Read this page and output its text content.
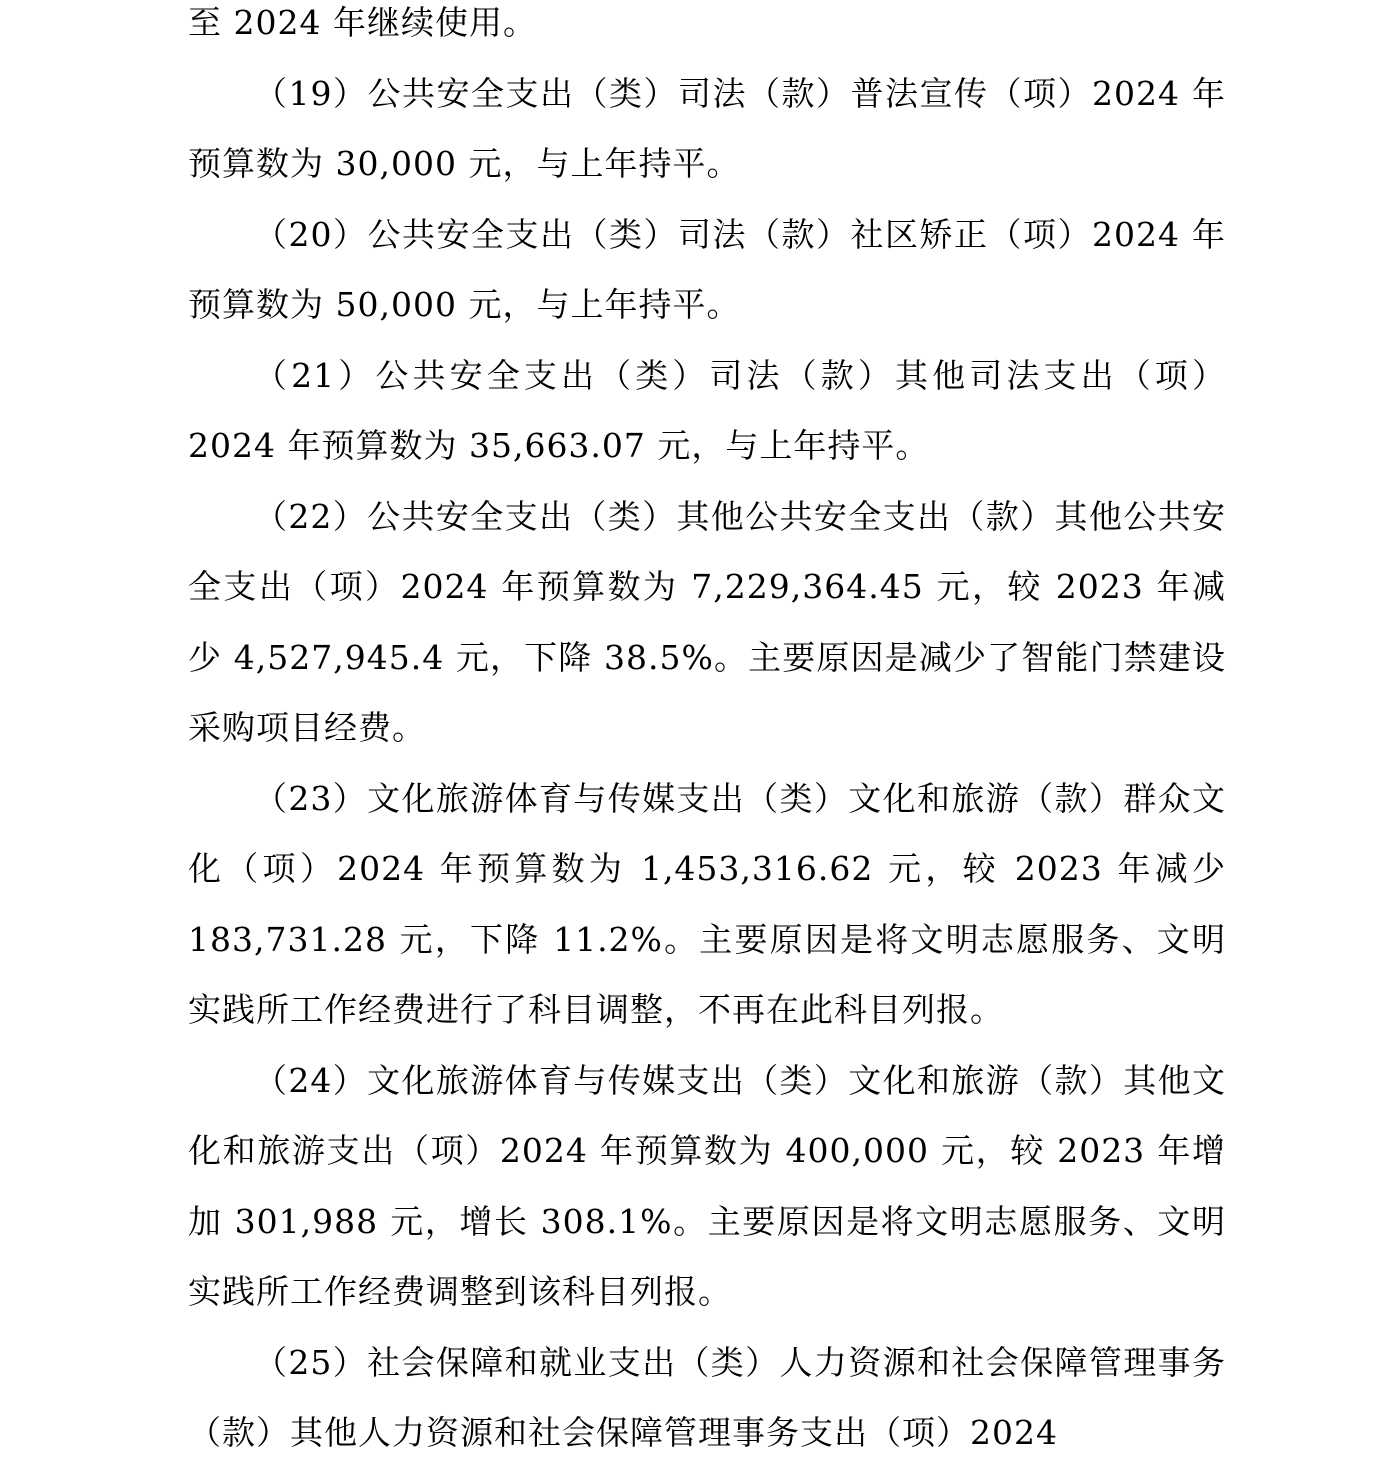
至 2024 年继续使用。

（19）公共安全支出（类）司法（款）普法宣传（项）2024 年预算数为 30,000 元，与上年持平。

（20）公共安全支出（类）司法（款）社区矫正（项）2024 年预算数为 50,000 元，与上年持平。

（21）公共安全支出（类）司法（款）其他司法支出（项）2024 年预算数为 35,663.07 元，与上年持平。

（22）公共安全支出（类）其他公共安全支出（款）其他公共安全支出（项）2024 年预算数为 7,229,364.45 元，较 2023 年减少 4,527,945.4 元，下降 38.5%。主要原因是减少了智能门禁建设采购项目经费。

（23）文化旅游体育与传媒支出（类）文化和旅游（款）群众文化（项）2024 年预算数为 1,453,316.62 元，较 2023 年减少 183,731.28 元，下降 11.2%。主要原因是将文明志愿服务、文明实践所工作经费进行了科目调整，不再在此科目列报。

（24）文化旅游体育与传媒支出（类）文化和旅游（款）其他文化和旅游支出（项）2024 年预算数为 400,000 元，较 2023 年增加 301,988 元，增长 308.1%。主要原因是将文明志愿服务、文明实践所工作经费调整到该科目列报。

（25）社会保障和就业支出（类）人力资源和社会保障管理事务（款）其他人力资源和社会保障管理事务支出（项）2024
